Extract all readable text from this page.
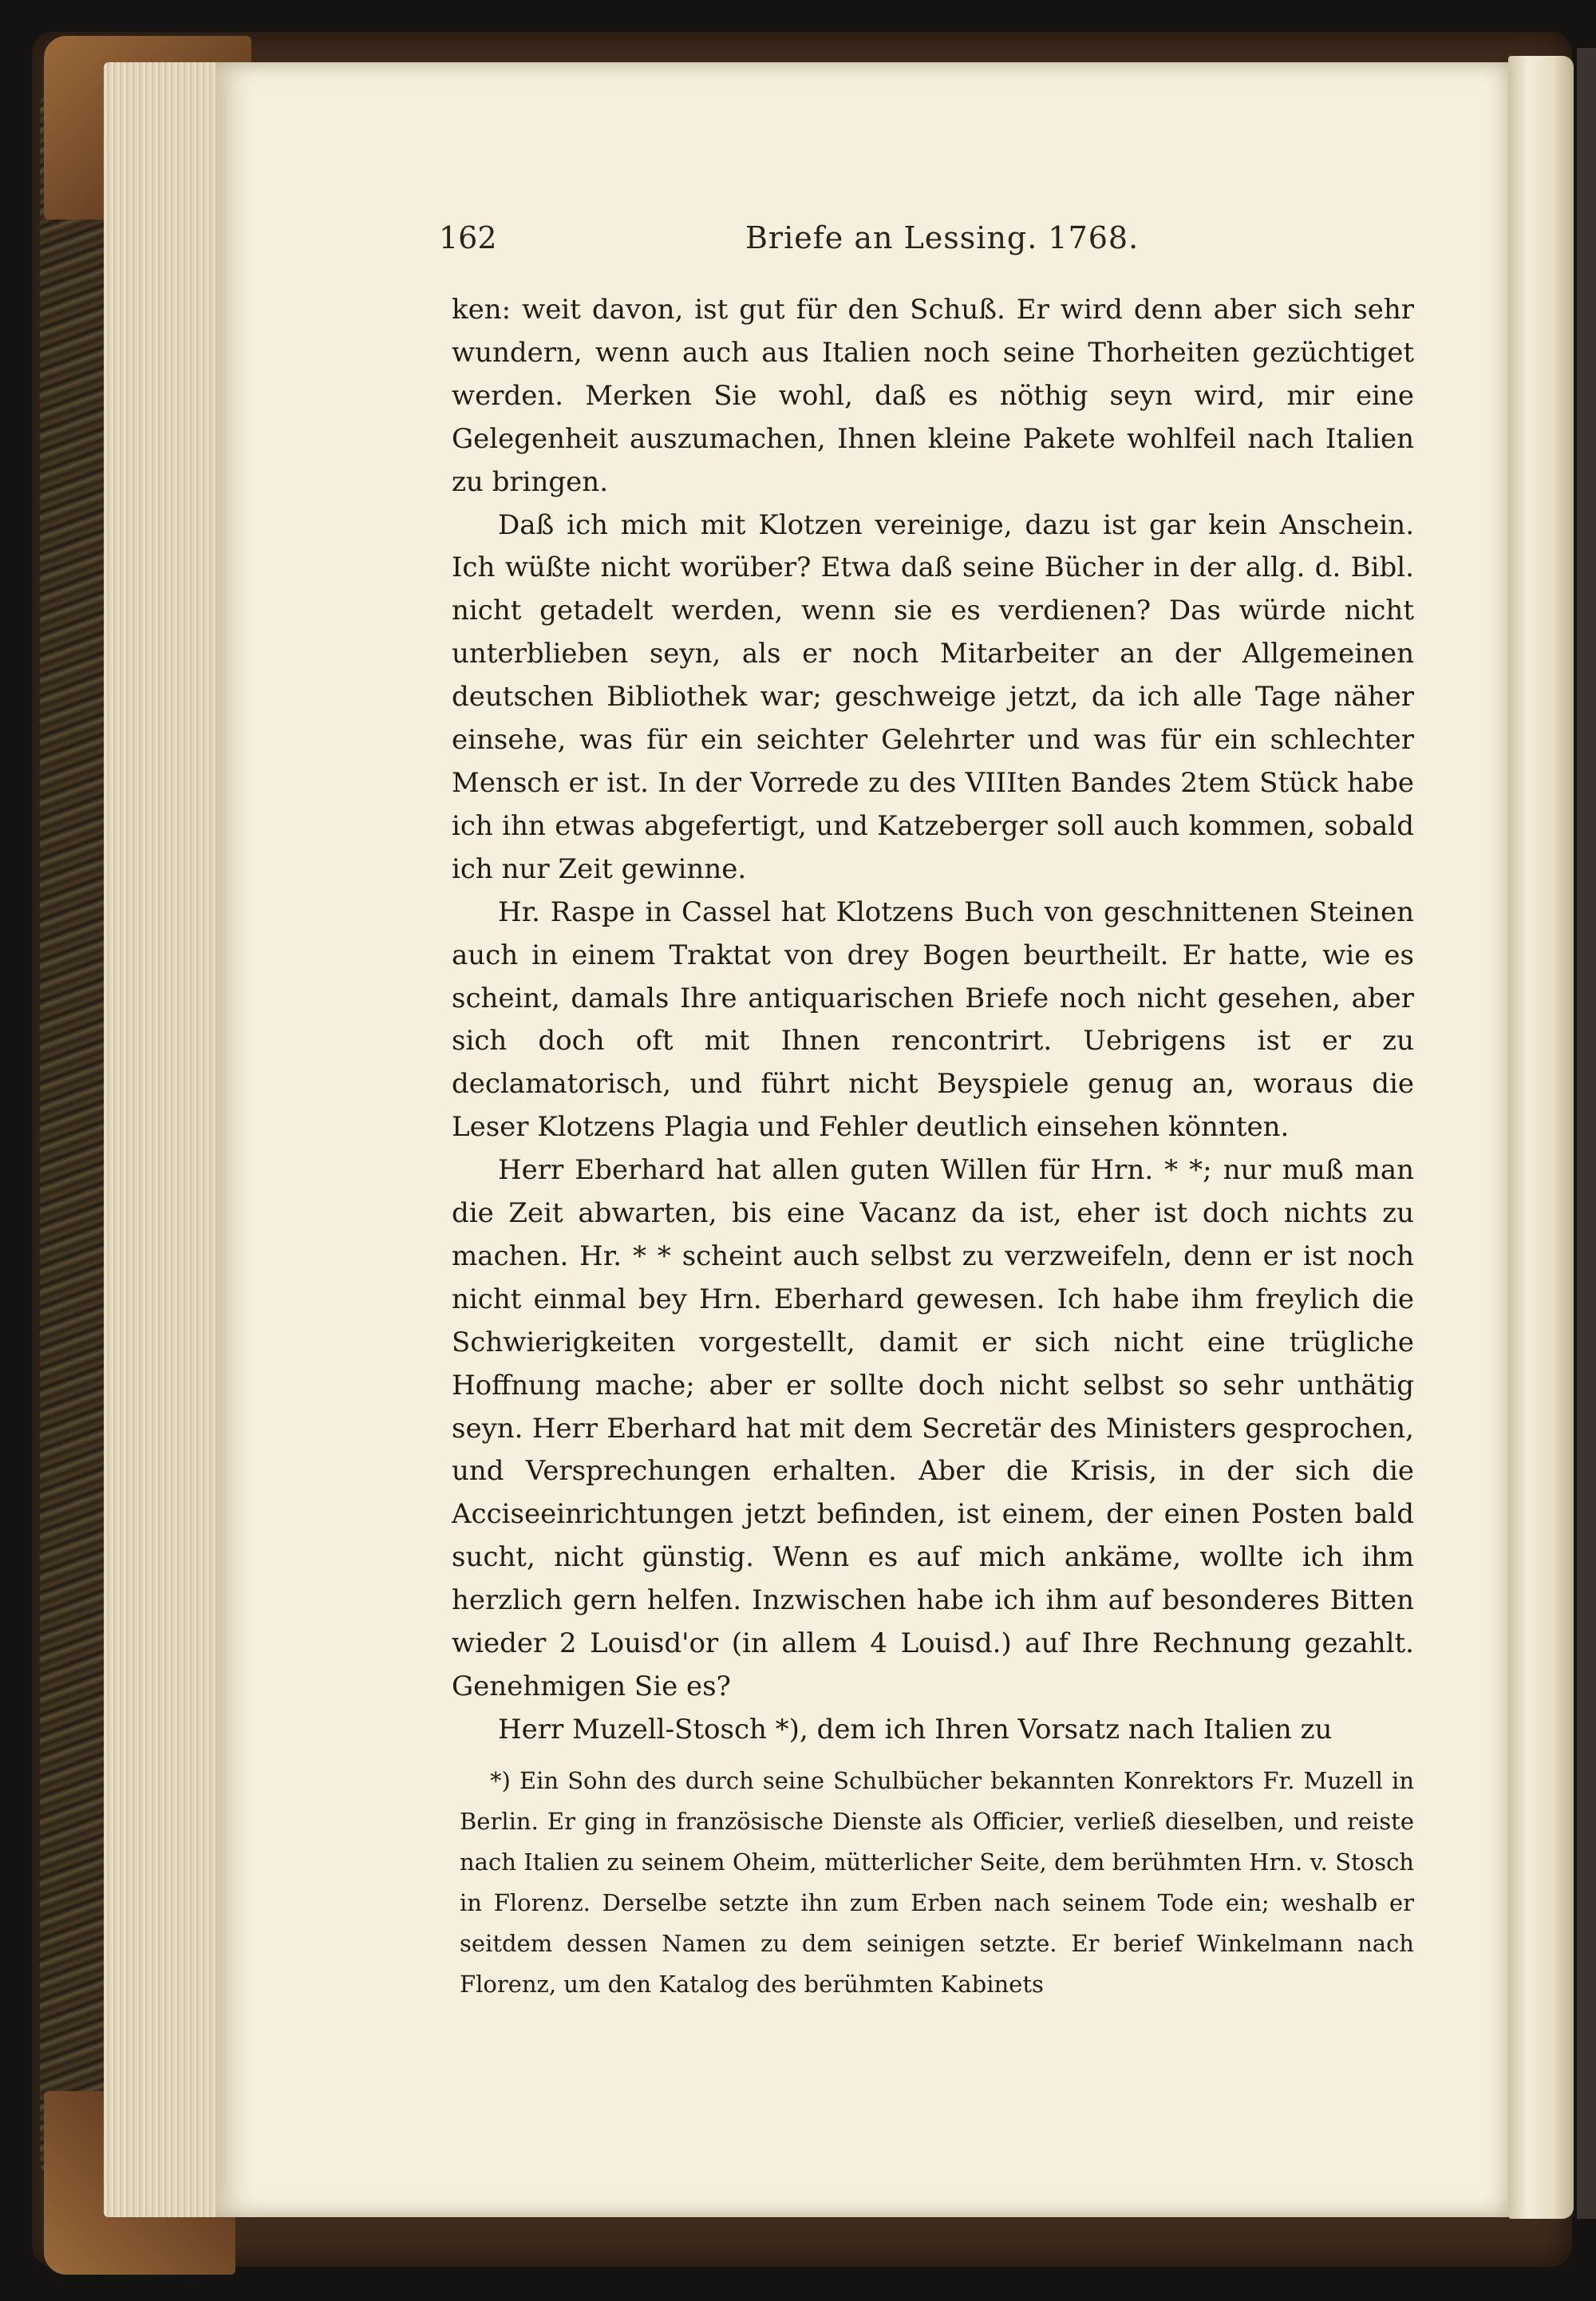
162	Briefe an Lessing. 1768.

ken: weit davon, ist gut für den Schuß. Er wird denn aber sich sehr wundern, wenn auch aus Italien noch seine Thorheiten gezüchtiget werden. Merken Sie wohl, daß es nöthig seyn wird, mir eine Gelegenheit auszumachen, Ihnen kleine Pakete wohlfeil nach Italien zu bringen.

Daß ich mich mit Klotzen vereinige, dazu ist gar kein Anschein. Ich wüßte nicht worüber? Etwa daß seine Bücher in der allg. d. Bibl. nicht getadelt werden, wenn sie es verdienen? Das würde nicht unterblieben seyn, als er noch Mitarbeiter an der Allgemeinen deutschen Bibliothek war; geschweige jetzt, da ich alle Tage näher einsehe, was für ein seichter Gelehrter und was für ein schlechter Mensch er ist. In der Vorrede zu des VIIIten Bandes 2tem Stück habe ich ihn etwas abgefertigt, und Katzeberger soll auch kommen, sobald ich nur Zeit gewinne.

Hr. Raspe in Cassel hat Klotzens Buch von geschnittenen Steinen auch in einem Traktat von drey Bogen beurtheilt. Er hatte, wie es scheint, damals Ihre antiquarischen Briefe noch nicht gesehen, aber sich doch oft mit Ihnen rencontrirt. Uebrigens ist er zu declamatorisch, und führt nicht Beyspiele genug an, woraus die Leser Klotzens Plagia und Fehler deutlich einsehen könnten.

Herr Eberhard hat allen guten Willen für Hrn. * *; nur muß man die Zeit abwarten, bis eine Vacanz da ist, eher ist doch nichts zu machen. Hr. * * scheint auch selbst zu verzweifeln, denn er ist noch nicht einmal bey Hrn. Eberhard gewesen. Ich habe ihm freylich die Schwierigkeiten vorgestellt, damit er sich nicht eine trügliche Hoffnung mache; aber er sollte doch nicht selbst so sehr unthätig seyn. Herr Eberhard hat mit dem Secretär des Ministers gesprochen, und Versprechungen erhalten. Aber die Krisis, in der sich die Acciseeinrichtungen jetzt befinden, ist einem, der einen Posten bald sucht, nicht günstig. Wenn es auf mich ankäme, wollte ich ihm herzlich gern helfen. Inzwischen habe ich ihm auf besonderes Bitten wieder 2 Louisd'or (in allem 4 Louisd.) auf Ihre Rechnung gezahlt. Genehmigen Sie es?

Herr Muzell-Stosch *), dem ich Ihren Vorsatz nach Italien zu

*) Ein Sohn des durch seine Schulbücher bekannten Konrektors Fr. Muzell in Berlin. Er ging in französische Dienste als Officier, verließ dieselben, und reiste nach Italien zu seinem Oheim, mütterlicher Seite, dem berühmten Hrn. v. Stosch in Florenz. Derselbe setzte ihn zum Erben nach seinem Tode ein; weshalb er seitdem dessen Namen zu dem seinigen setzte. Er berief Winkelmann nach Florenz, um den Katalog des berühmten Kabinets
